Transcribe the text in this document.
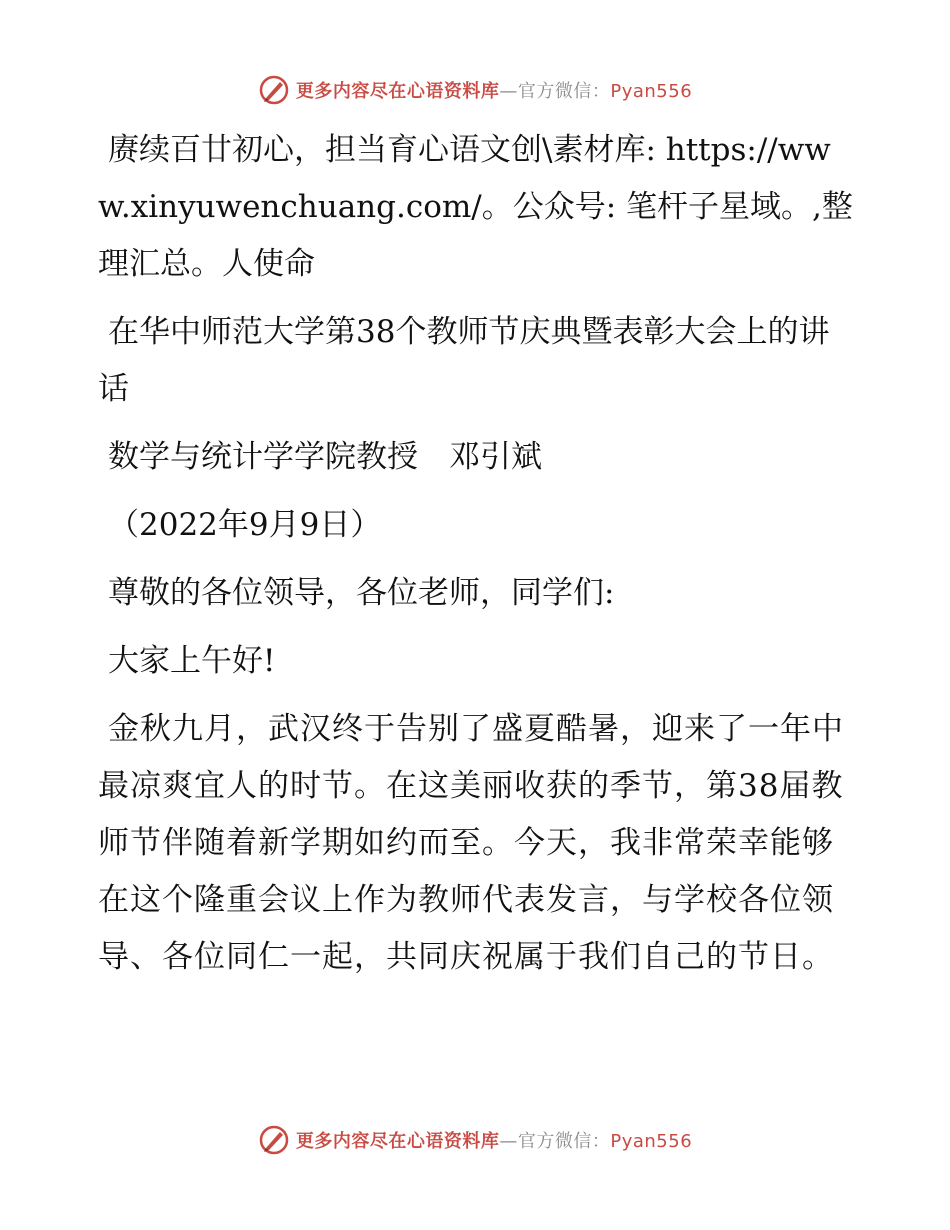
更多内容尽在心语资料库—官方微信：Pyan556

赓续百廿初心，担当育心语文创\素材库: https://www.xinyuwenchuang.com/。公众号: 笔杆子星域。,整理汇总。人使命

在华中师范大学第38个教师节庆典暨表彰大会上的讲话

数学与统计学学院教授　邓引斌

（2022年9月9日）

尊敬的各位领导，各位老师，同学们:

大家上午好!

金秋九月，武汉终于告别了盛夏酷暑，迎来了一年中最凉爽宜人的时节。在这美丽收获的季节，第38届教师节伴随着新学期如约而至。今天，我非常荣幸能够在这个隆重会议上作为教师代表发言，与学校各位领导、各位同仁一起，共同庆祝属于我们自己的节日。

更多内容尽在心语资料库—官方微信：Pyan556
